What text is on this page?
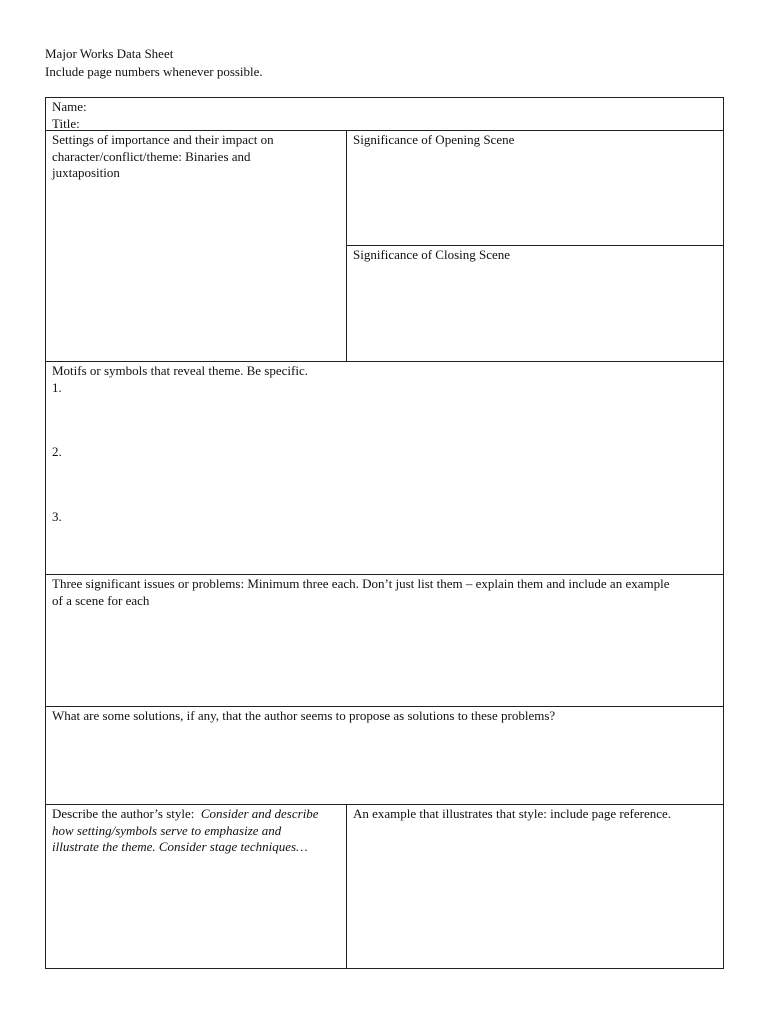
Major Works Data Sheet
Include page numbers whenever possible.
Name:
Title:
Settings of importance and their impact on
character/conflict/theme: Binaries and
juxtaposition
Significance of Opening Scene
Significance of Closing Scene
Motifs or symbols that reveal theme. Be specific.
1.
2.
3.
Three significant issues or problems: Minimum three each. Don’t just list them – explain them and include an example
of a scene for each
What are some solutions, if any, that the author seems to propose as solutions to these problems?
Describe the author’s style: Consider and describe
how setting/symbols serve to emphasize and
illustrate the theme. Consider stage techniques…
An example that illustrates that style: include page reference.
